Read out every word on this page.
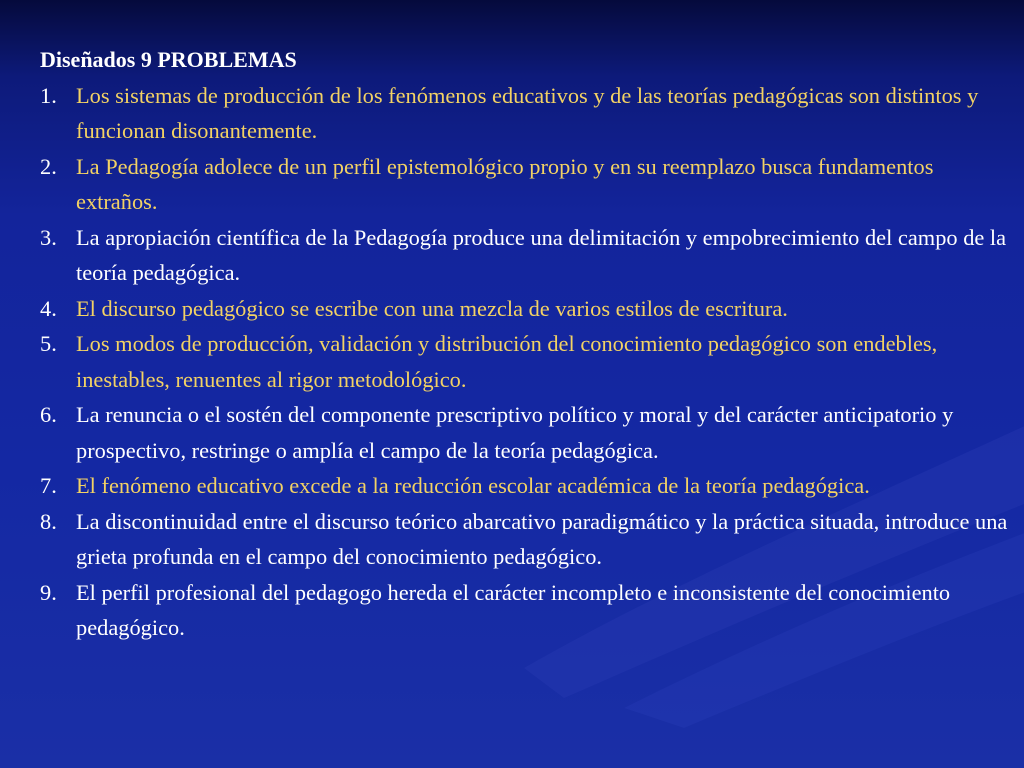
Diseñados 9 PROBLEMAS

1. Los sistemas de producción de los fenómenos educativos y de las teorías pedagógicas son distintos y funcionan disonantemente.
2. La Pedagogía adolece de un perfil epistemológico propio y en su reemplazo busca fundamentos extraños.
3. La apropiación científica de la Pedagogía produce una delimitación y empobrecimiento del campo de la teoría pedagógica.
4. El discurso pedagógico se escribe con una mezcla de varios estilos de escritura.
5. Los modos de producción, validación y distribución del conocimiento pedagógico son endebles, inestables, renuentes al rigor metodológico.
6. La renuncia o el sostén del componente prescriptivo político y moral y del carácter anticipatorio y prospectivo, restringe o amplía el campo de la teoría pedagógica.
7. El fenómeno educativo excede a la reducción escolar académica de la teoría pedagógica.
8. La discontinuidad entre el discurso teórico abarcativo paradigmático y la práctica situada, introduce una grieta profunda en el campo del conocimiento pedagógico.
9. El perfil profesional del pedagogo hereda el carácter incompleto e inconsistente del conocimiento pedagógico.
